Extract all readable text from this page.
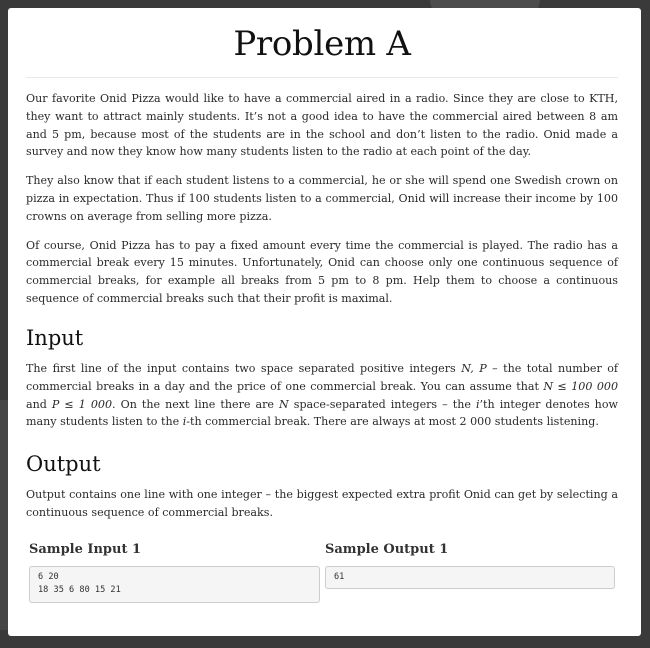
Problem A

Our favorite Onid Pizza would like to have a commercial aired in a radio. Since they are close to KTH, they want to attract mainly students. It’s not a good idea to have the commercial aired between 8 am and 5 pm, because most of the students are in the school and don’t listen to the radio. Onid made a survey and now they know how many students listen to the radio at each point of the day.

They also know that if each student listens to a commercial, he or she will spend one Swedish crown on pizza in expectation. Thus if 100 students listen to a commercial, Onid will increase their income by 100 crowns on average from selling more pizza.

Of course, Onid Pizza has to pay a fixed amount every time the commercial is played. The radio has a commercial break every 15 minutes. Unfortunately, Onid can choose only one continuous sequence of commercial breaks, for example all breaks from 5 pm to 8 pm. Help them to choose a continuous sequence of commercial breaks such that their profit is maximal.

Input

The first line of the input contains two space separated positive integers N, P – the total number of commercial breaks in a day and the price of one commercial break. You can assume that N ≤ 100 000 and P ≤ 1 000. On the next line there are N space-separated integers – the i’th integer denotes how many students listen to the i-th commercial break. There are always at most 2 000 students listening.

Output

Output contains one line with one integer – the biggest expected extra profit Onid can get by selecting a continuous sequence of commercial breaks.

Sample Input 1
6 20
18 35 6 80 15 21
Sample Output 1
61
